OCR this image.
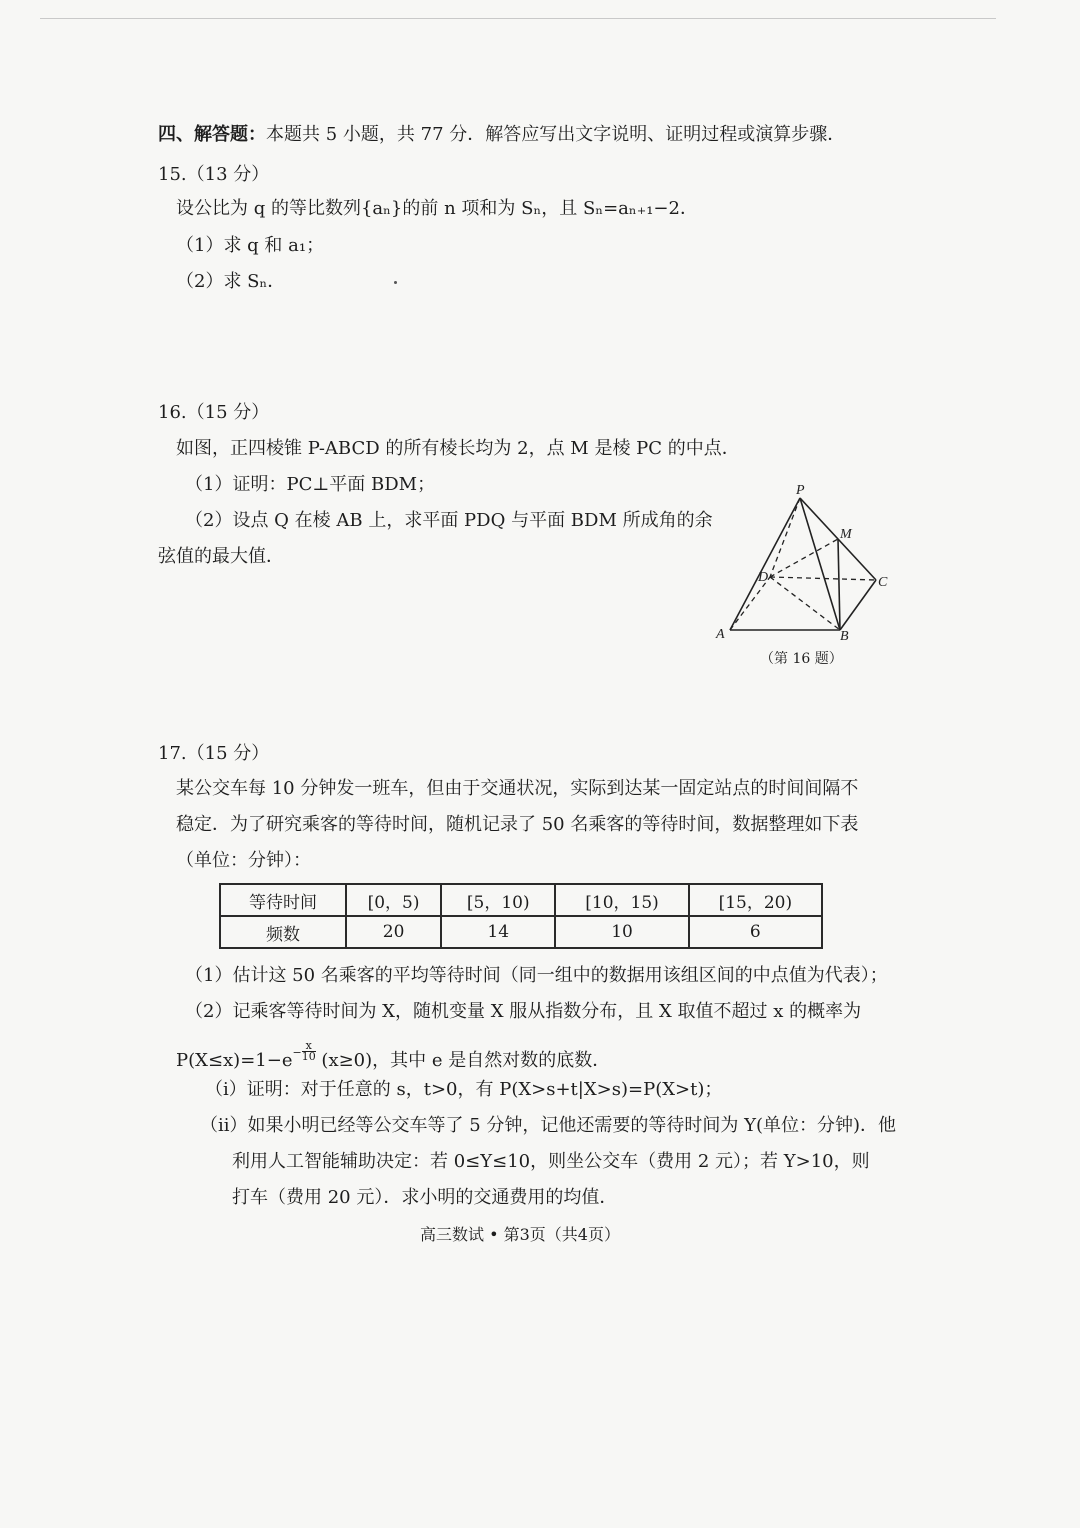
四、解答题：本题共 5 小题，共 77 分．解答应写出文字说明、证明过程或演算步骤．
15.（13 分）
设公比为 q 的等比数列{aₙ}的前 n 项和为 Sₙ，且 Sₙ=aₙ₊₁−2．
（1）求 q 和 a₁；
（2）求 Sₙ．
16.（15 分）
如图，正四棱锥 P-ABCD 的所有棱长均为 2，点 M 是棱 PC 的中点．
（1）证明：PC⊥平面 BDM；
（2）设点 Q 在棱 AB 上，求平面 PDQ 与平面 BDM 所成角的余
弦值的最大值．
P
M
D	C
A	B
（第 16 题）
17.（15 分）
某公交车每 10 分钟发一班车，但由于交通状况，实际到达某一固定站点的时间间隔不
稳定．为了研究乘客的等待时间，随机记录了 50 名乘客的等待时间，数据整理如下表
（单位：分钟）：
等待时间	[0，5)	[5，10)	[10，15)	[15，20)
频数	20	14	10	6
（1）估计这 50 名乘客的平均等待时间（同一组中的数据用该组区间的中点值为代表）；
（2）记乘客等待时间为 X，随机变量 X 服从指数分布，且 X 取值不超过 x 的概率为
$P(X\le x)=1-e^- \frac{x}{10} (x\ge 0)$，其中 e 是自然对数的底数．
（i）证明：对于任意的 s，t>0，有 P(X>s+t|X>s)=P(X>t)；
（ii）如果小明已经等公交车等了 5 分钟，记他还需要的等待时间为 Y(单位：分钟)．他
利用人工智能辅助决定：若 0≤Y≤10，则坐公交车（费用 2 元）；若 Y>10，则
打车（费用 20 元）．求小明的交通费用的均值．
高三数试 • 第3页（共4页）
